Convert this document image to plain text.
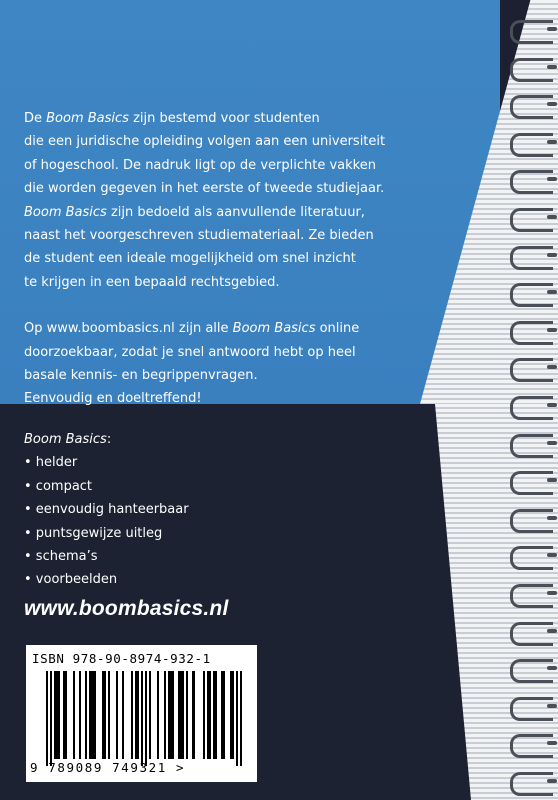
De Boom Basics zijn bestemd voor studenten
die een juridische opleiding volgen aan een universiteit
of hogeschool. De nadruk ligt op de verplichte vakken
die worden gegeven in het eerste of tweede studiejaar.
Boom Basics zijn bedoeld als aanvullende literatuur,
naast het voorgeschreven studiemateriaal. Ze bieden
de student een ideale mogelijkheid om snel inzicht
te krijgen in een bepaald rechtsgebied.

Op www.boombasics.nl zijn alle Boom Basics online
doorzoekbaar, zodat je snel antwoord hebt op heel
basale kennis- en begrippenvragen.
Eenvoudig en doeltreffend!

Boom Basics:
• helder
• compact
• eenvoudig hanteerbaar
• puntsgewijze uitleg
• schema’s
• voorbeelden
www.boombasics.nl
ISBN 978-90-8974-932-1
9 789089 749321 >
